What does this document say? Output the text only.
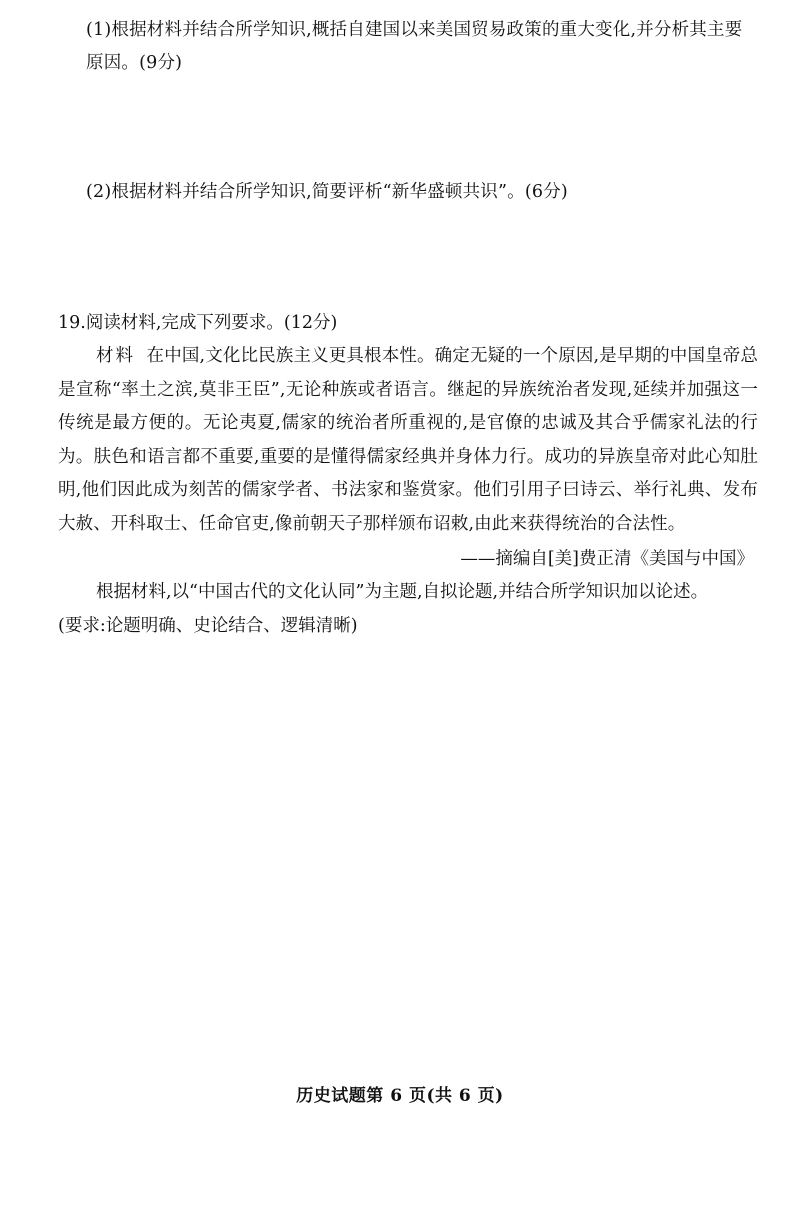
(1)根据材料并结合所学知识,概括自建国以来美国贸易政策的重大变化,并分析其主要原因。(9分)
(2)根据材料并结合所学知识,简要评析“新华盛顿共识”。(6分)
19.阅读材料,完成下列要求。(12分)
材料 在中国,文化比民族主义更具根本性。确定无疑的一个原因,是早期的中国皇帝总是宣称“率土之滨,莫非王臣”,无论种族或者语言。继起的异族统治者发现,延续并加强这一传统是最方便的。无论夷夏,儒家的统治者所重视的,是官僚的忠诚及其合乎儒家礼法的行为。肤色和语言都不重要,重要的是懂得儒家经典并身体力行。成功的异族皇帝对此心知肚明,他们因此成为刻苦的儒家学者、书法家和鉴赏家。他们引用子曰诗云、举行礼典、发布大赦、开科取士、任命官吏,像前朝天子那样颁布诏敕,由此来获得统治的合法性。
——摘编自[美]费正清《美国与中国》
根据材料,以“中国古代的文化认同”为主题,自拟论题,并结合所学知识加以论述。
(要求:论题明确、史论结合、逻辑清晰)
历史试题第 6 页(共 6 页)
